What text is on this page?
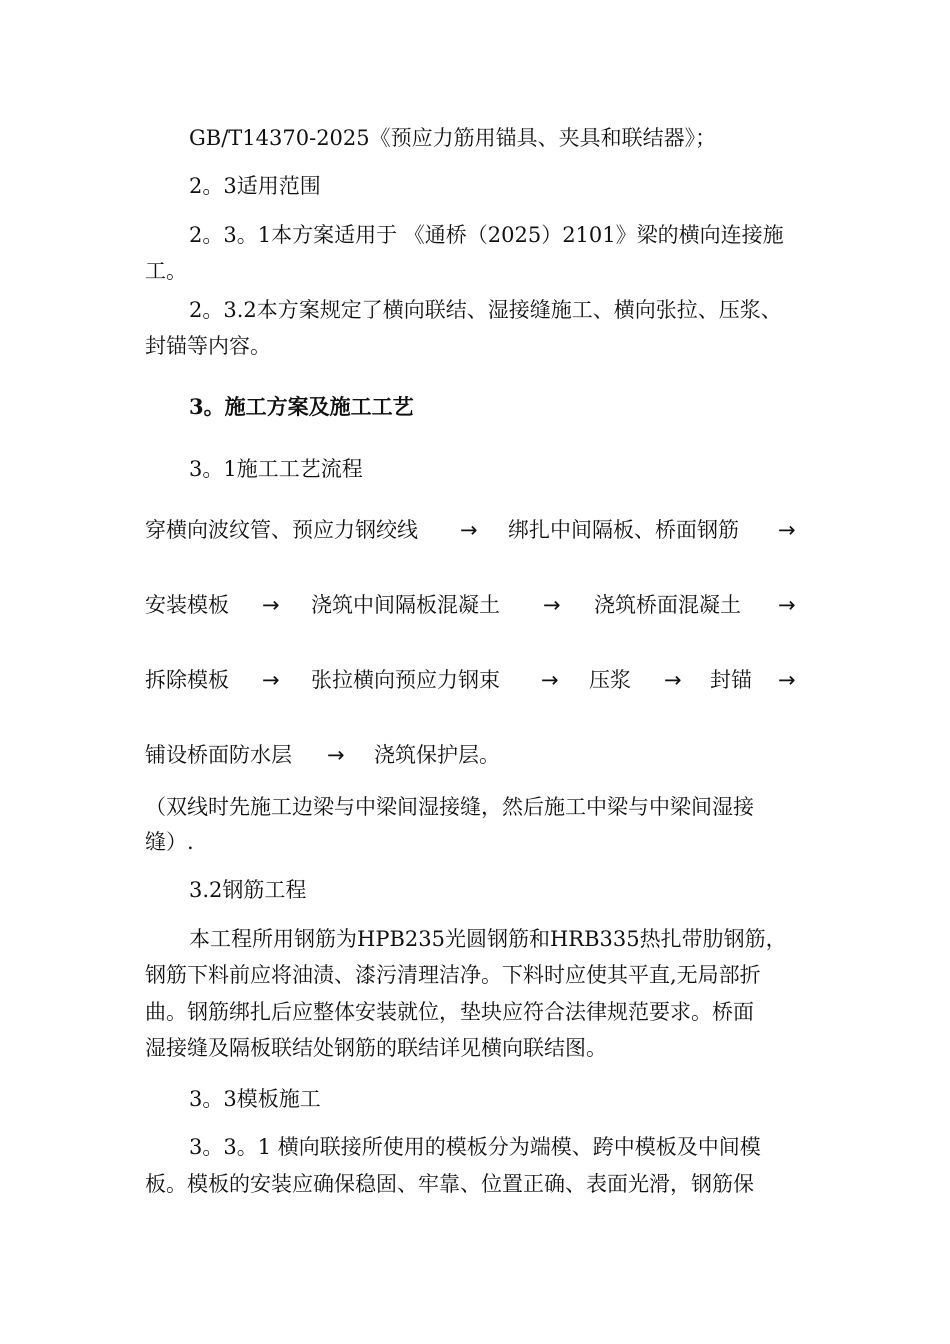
GB/T14370-2025《预应力筋用锚具、夹具和联结器》；
2。3适用范围
2。3。1本方案适用于 《通桥（2025）2101》梁的横向连接施
工。
2。3.2本方案规定了横向联结、湿接缝施工、横向张拉、压浆、
封锚等内容。
3。施工方案及施工工艺
3。1施工工艺流程
穿横向波纹管、预应力钢绞线 → 绑扎中间隔板、桥面钢筋 →
安装模板 → 浇筑中间隔板混凝土 → 浇筑桥面混凝土 →
拆除模板 → 张拉横向预应力钢束 → 压浆 → 封锚 →
铺设桥面防水层 → 浇筑保护层。
（双线时先施工边梁与中梁间湿接缝，然后施工中梁与中梁间湿接
缝）.
3.2钢筋工程
本工程所用钢筋为HPB235光圆钢筋和HRB335热扎带肋钢筋，
钢筋下料前应将油渍、漆污清理洁净。下料时应使其平直,无局部折
曲。钢筋绑扎后应整体安装就位，垫块应符合法律规范要求。桥面
湿接缝及隔板联结处钢筋的联结详见横向联结图。
3。3模板施工
3。3。1 横向联接所使用的模板分为端模、跨中模板及中间模
板。模板的安装应确保稳固、牢靠、位置正确、表面光滑，钢筋保
